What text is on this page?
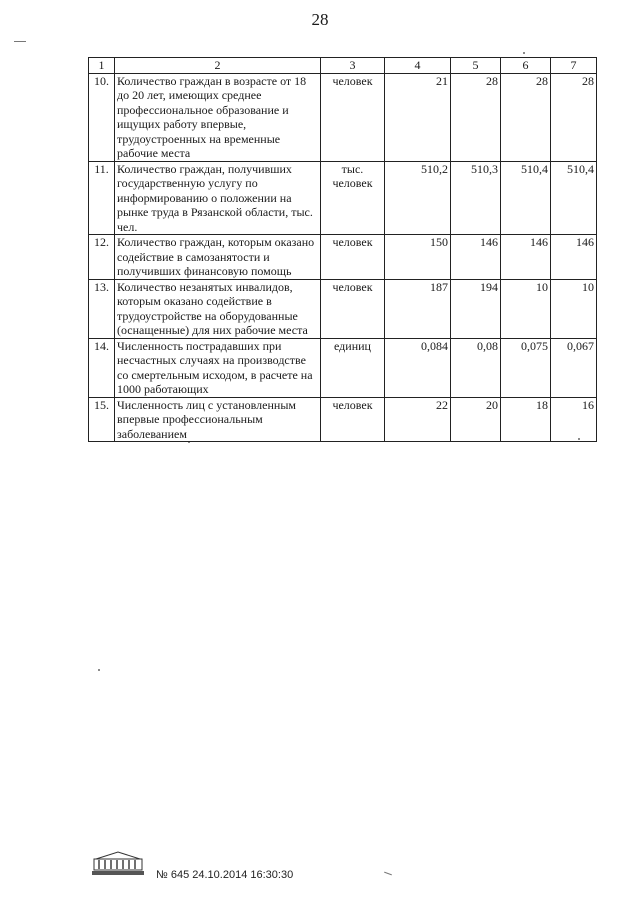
28
1	2	3	4	5	6	7
10.	Количество граждан в возрасте от 18 до 20 лет, имеющих среднее профессиональное образование и ищущих работу впервые, трудоустроенных на временные рабочие места	человек	21	28	28	28
11.	Количество граждан, получивших государственную услугу по информированию о положении на рынке труда в Рязанской области, тыс. чел.	тыс. человек	510,2	510,3	510,4	510,4
12.	Количество граждан, которым оказано содействие в самозанятости и получивших финансовую помощь	человек	150	146	146	146
13.	Количество незанятых инвалидов, которым оказано содействие в трудоустройстве на оборудованные (оснащенные) для них рабочие места	человек	187	194	10	10
14.	Численность пострадавших при несчастных случаях на производстве со смертельным исходом, в расчете на 1000 работающих	единиц	0,084	0,08	0,075	0,067
15.	Численность лиц с установленным впервые профессиональным заболеванием	человек	22	20	18	16
№ 645 24.10.2014 16:30:30
